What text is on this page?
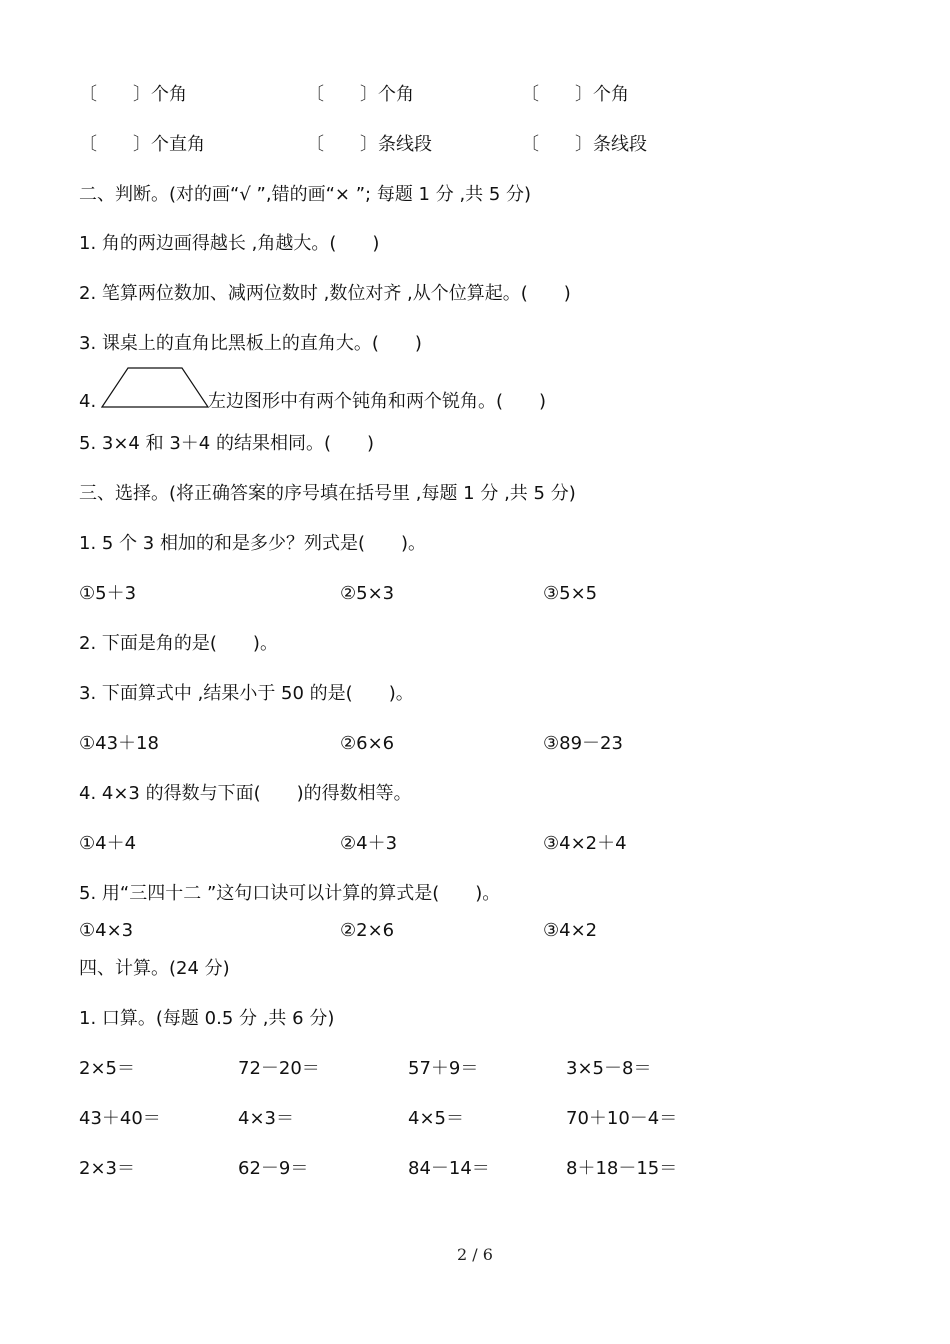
〔　　〕个角	〔　　〕个角	〔　　〕个角
〔　　〕个直角	〔　　〕条线段	〔　　〕条线段
二、判断。(对的画“√ ”,错的画“× ”; 每题 1 分 ,共 5 分)
1. 角的两边画得越长 ,角越大。(　　)
2. 笔算两位数加、减两位数时 ,数位对齐 ,从个位算起。(　　)
3. 课桌上的直角比黑板上的直角大。(　　)
4.	左边图形中有两个钝角和两个锐角。(　　)
5. 3×4 和 3＋4 的结果相同。(　　)
三、选择。(将正确答案的序号填在括号里 ,每题 1 分 ,共 5 分)
1. 5 个 3 相加的和是多少？列式是(　　)。
①5＋3	②5×3	③5×5
2. 下面是角的是(　　)。
3. 下面算式中 ,结果小于 50 的是(　　)。
①43＋18	②6×6	③89－23
4. 4×3 的得数与下面(　　)的得数相等。
①4＋4	②4＋3	③4×2＋4
5. 用“三四十二 ”这句口诀可以计算的算式是(　　)。
①4×3	②2×6	③4×2
四、计算。(24 分)
1. 口算。(每题 0.5 分 ,共 6 分)
2×5＝	72－20＝	57＋9＝	3×5－8＝
43＋40＝	4×3＝	4×5＝	70＋10－4＝
2×3＝	62－9＝	84－14＝	8＋18－15＝
2 / 6
